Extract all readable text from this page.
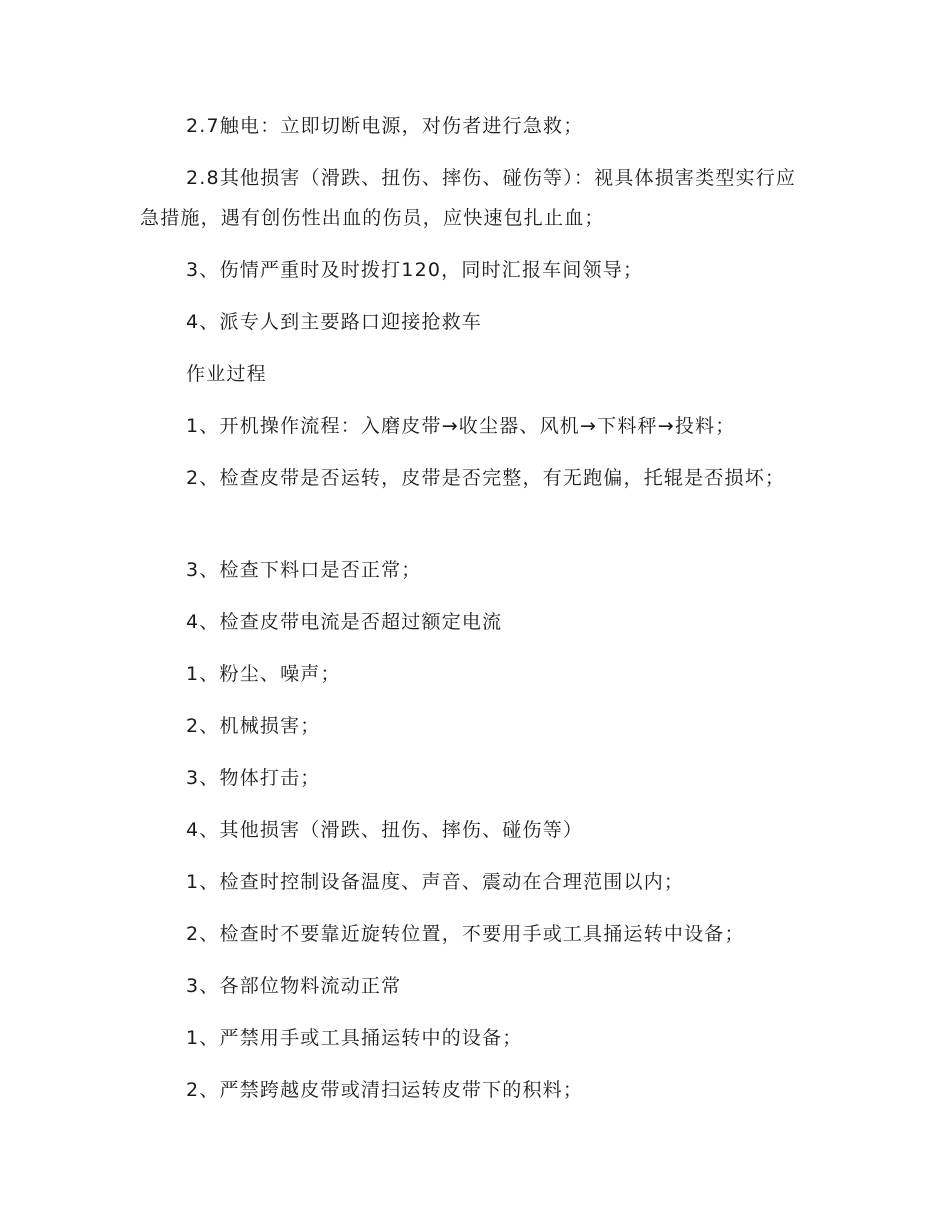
2.7触电：立即切断电源，对伤者进行急救；

2.8其他损害（滑跌、扭伤、摔伤、碰伤等）：视具体损害类型实行应急措施，遇有创伤性出血的伤员，应快速包扎止血；

3、伤情严重时及时拨打120，同时汇报车间领导；

4、派专人到主要路口迎接抢救车

作业过程

1、开机操作流程：入磨皮带→收尘器、风机→下料秤→投料；

2、检查皮带是否运转，皮带是否完整，有无跑偏，托辊是否损坏；

3、检查下料口是否正常；

4、检查皮带电流是否超过额定电流

1、粉尘、噪声；

2、机械损害；

3、物体打击；

4、其他损害（滑跌、扭伤、摔伤、碰伤等）

1、检查时控制设备温度、声音、震动在合理范围以内；

2、检查时不要靠近旋转位置，不要用手或工具捅运转中设备；

3、各部位物料流动正常

1、严禁用手或工具捅运转中的设备；

2、严禁跨越皮带或清扫运转皮带下的积料；
